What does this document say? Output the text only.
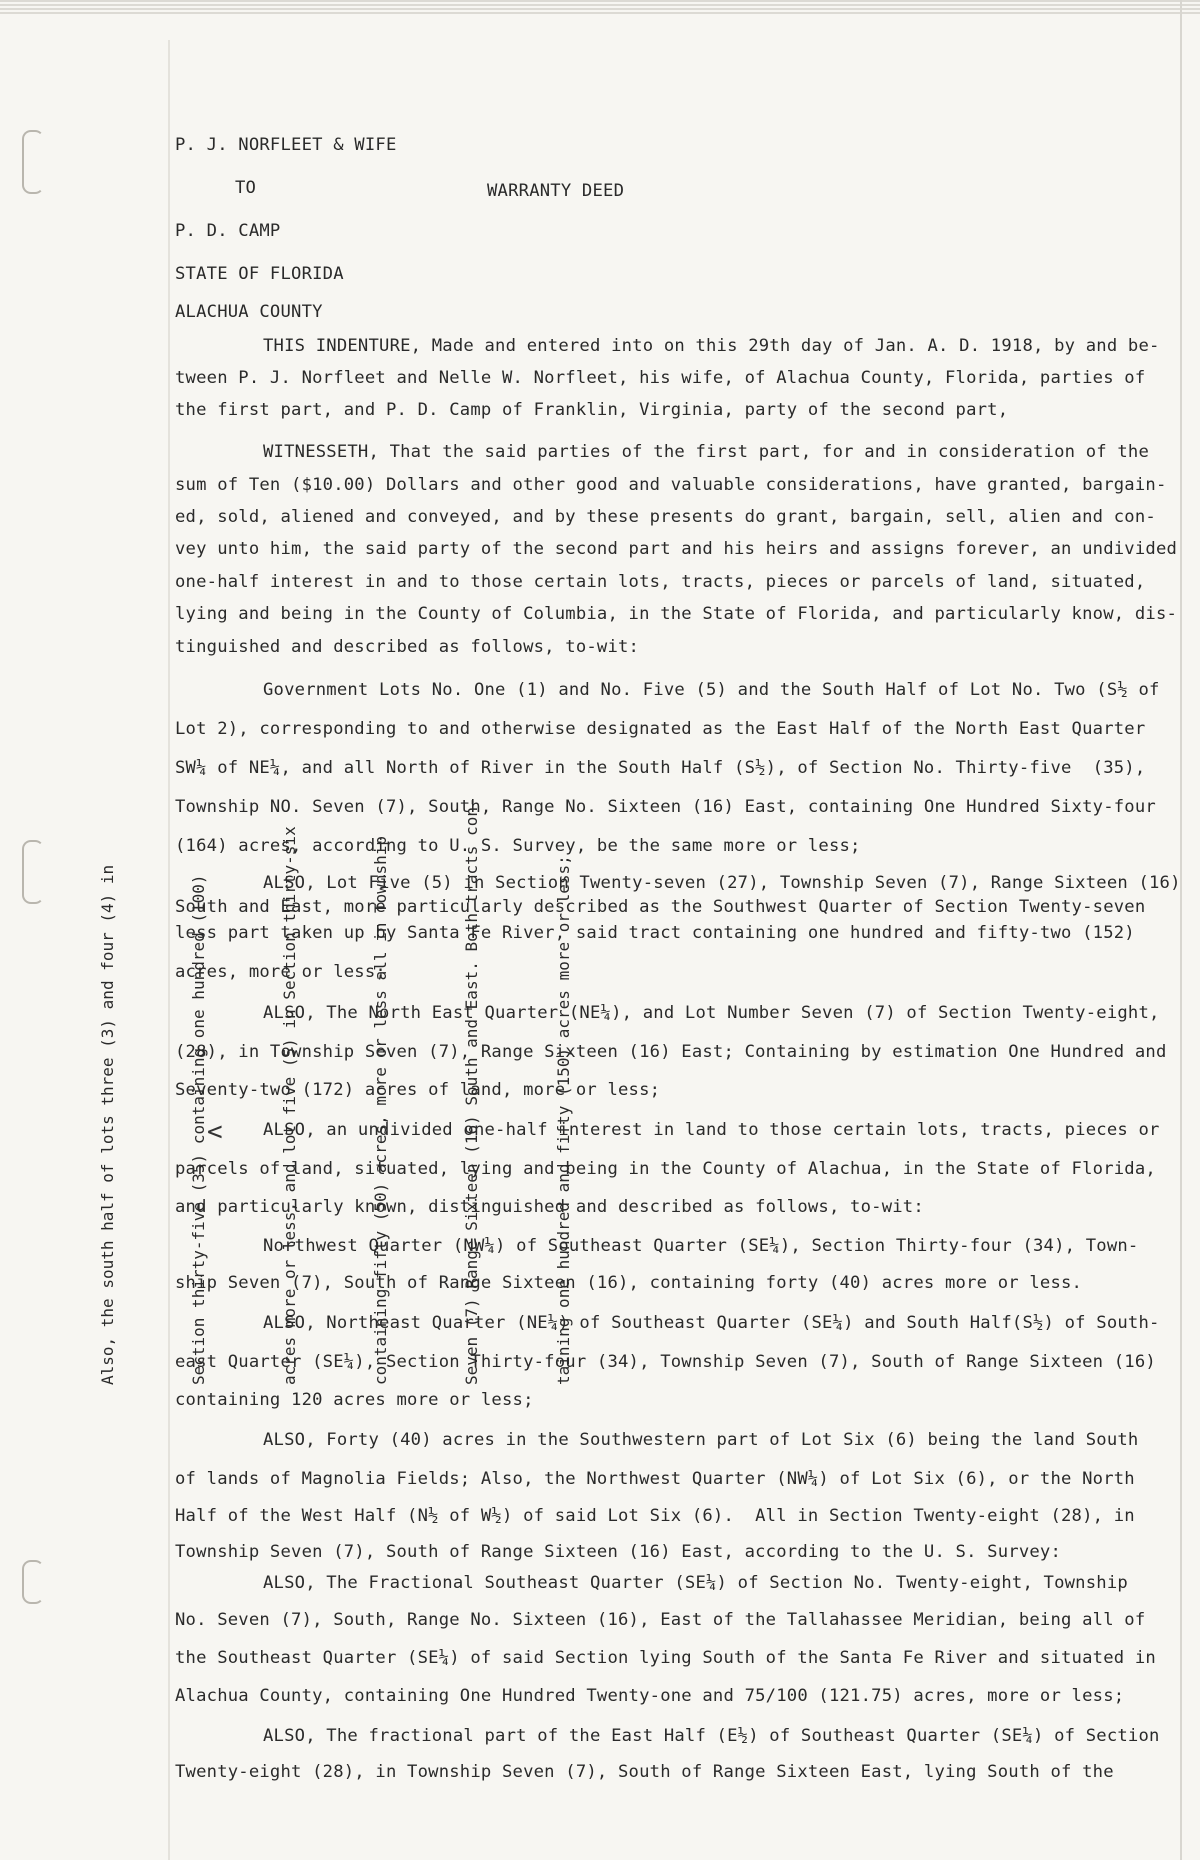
P. J. NORFLEET & WIFE
TO	WARRANTY DEED
P. D. CAMP
STATE OF FLORIDA
ALACHUA COUNTY
THIS INDENTURE, Made and entered into on this 29th day of Jan. A. D. 1918, by and be-
tween P. J. Norfleet and Nelle W. Norfleet, his wife, of Alachua County, Florida, parties of
the first part, and P. D. Camp of Franklin, Virginia, party of the second part,
WITNESSETH, That the said parties of the first part, for and in consideration of the
sum of Ten ($10.00) Dollars and other good and valuable considerations, have granted, bargain-
ed, sold, aliened and conveyed, and by these presents do grant, bargain, sell, alien and con-
vey unto him, the said party of the second part and his heirs and assigns forever, an undivided
one-half interest in and to those certain lots, tracts, pieces or parcels of land, situated,
lying and being in the County of Columbia, in the State of Florida, and particularly know, dis-
tinguished and described as follows, to-wit:
Government Lots No. One (1) and No. Five (5) and the South Half of Lot No. Two (S½ of
Lot 2), corresponding to and otherwise designated as the East Half of the North East Quarter
SW¼ of NE¼, and all North of River in the South Half (S½), of Section No. Thirty-five  (35),
Township NO. Seven (7), South, Range No. Sixteen (16) East, containing One Hundred Sixty-four
(164) acres, according to U. S. Survey, be the same more or less;
ALSO, Lot Five (5) in Section Twenty-seven (27), Township Seven (7), Range Sixteen (16)
South and East, more particularly described as the Southwest Quarter of Section Twenty-seven
less part taken up by Santa Fe River, said tract containing one hundred and fifty-two (152)
acres, more or less;
ALSO, The North East Quarter (NE¼), and Lot Number Seven (7) of Section Twenty-eight,
(28), in Township Seven (7), Range Sixteen (16) East; Containing by estimation One Hundred and
Seventy-two (172) acres of land, more or less;
ALSO, an undivided one-half interest in land to those certain lots, tracts, pieces or
parcels of land, situated, lying and being in the County of Alachua, in the State of Florida,
and particularly known, distinguished and described as follows, to-wit:
Northwest Quarter (NW¼) of Southeast Quarter (SE¼), Section Thirty-four (34), Town-
ship Seven (7), South of Range Sixteen (16), containing forty (40) acres more or less.
ALSO, Northeast Quarter (NE¼) of Southeast Quarter (SE¼) and South Half(S½) of South-
east Quarter (SE¼), Section Thirty-four (34), Township Seven (7), South of Range Sixteen (16)
containing 120 acres more or less;
ALSO, Forty (40) acres in the Southwestern part of Lot Six (6) being the land South
of lands of Magnolia Fields; Also, the Northwest Quarter (NW¼) of Lot Six (6), or the North
Half of the West Half (N½ of W½) of said Lot Six (6).  All in Section Twenty-eight (28), in
Township Seven (7), South of Range Sixteen (16) East, according to the U. S. Survey:
ALSO, The Fractional Southeast Quarter (SE¼) of Section No. Twenty-eight, Township
No. Seven (7), South, Range No. Sixteen (16), East of the Tallahassee Meridian, being all of
the Southeast Quarter (SE¼) of said Section lying South of the Santa Fe River and situated in
Alachua County, containing One Hundred Twenty-one and 75/100 (121.75) acres, more or less;
ALSO, The fractional part of the East Half (E½) of Southeast Quarter (SE¼) of Section
Twenty-eight (28), in Township Seven (7), South of Range Sixteen East, lying South of the
<

Also, the south half of lots three (3) and four (4) in

	Section thirty-five (35) containing one hundred (100)

	acres more or less, and lot five (5) in Section thirty-six

	containing fifty (50) acres, more or less all in Township

	Seven (7) Range Sixteen (16) South and East. Both tracts con-

	taining one hundred and fifty (150) acres more or less;
